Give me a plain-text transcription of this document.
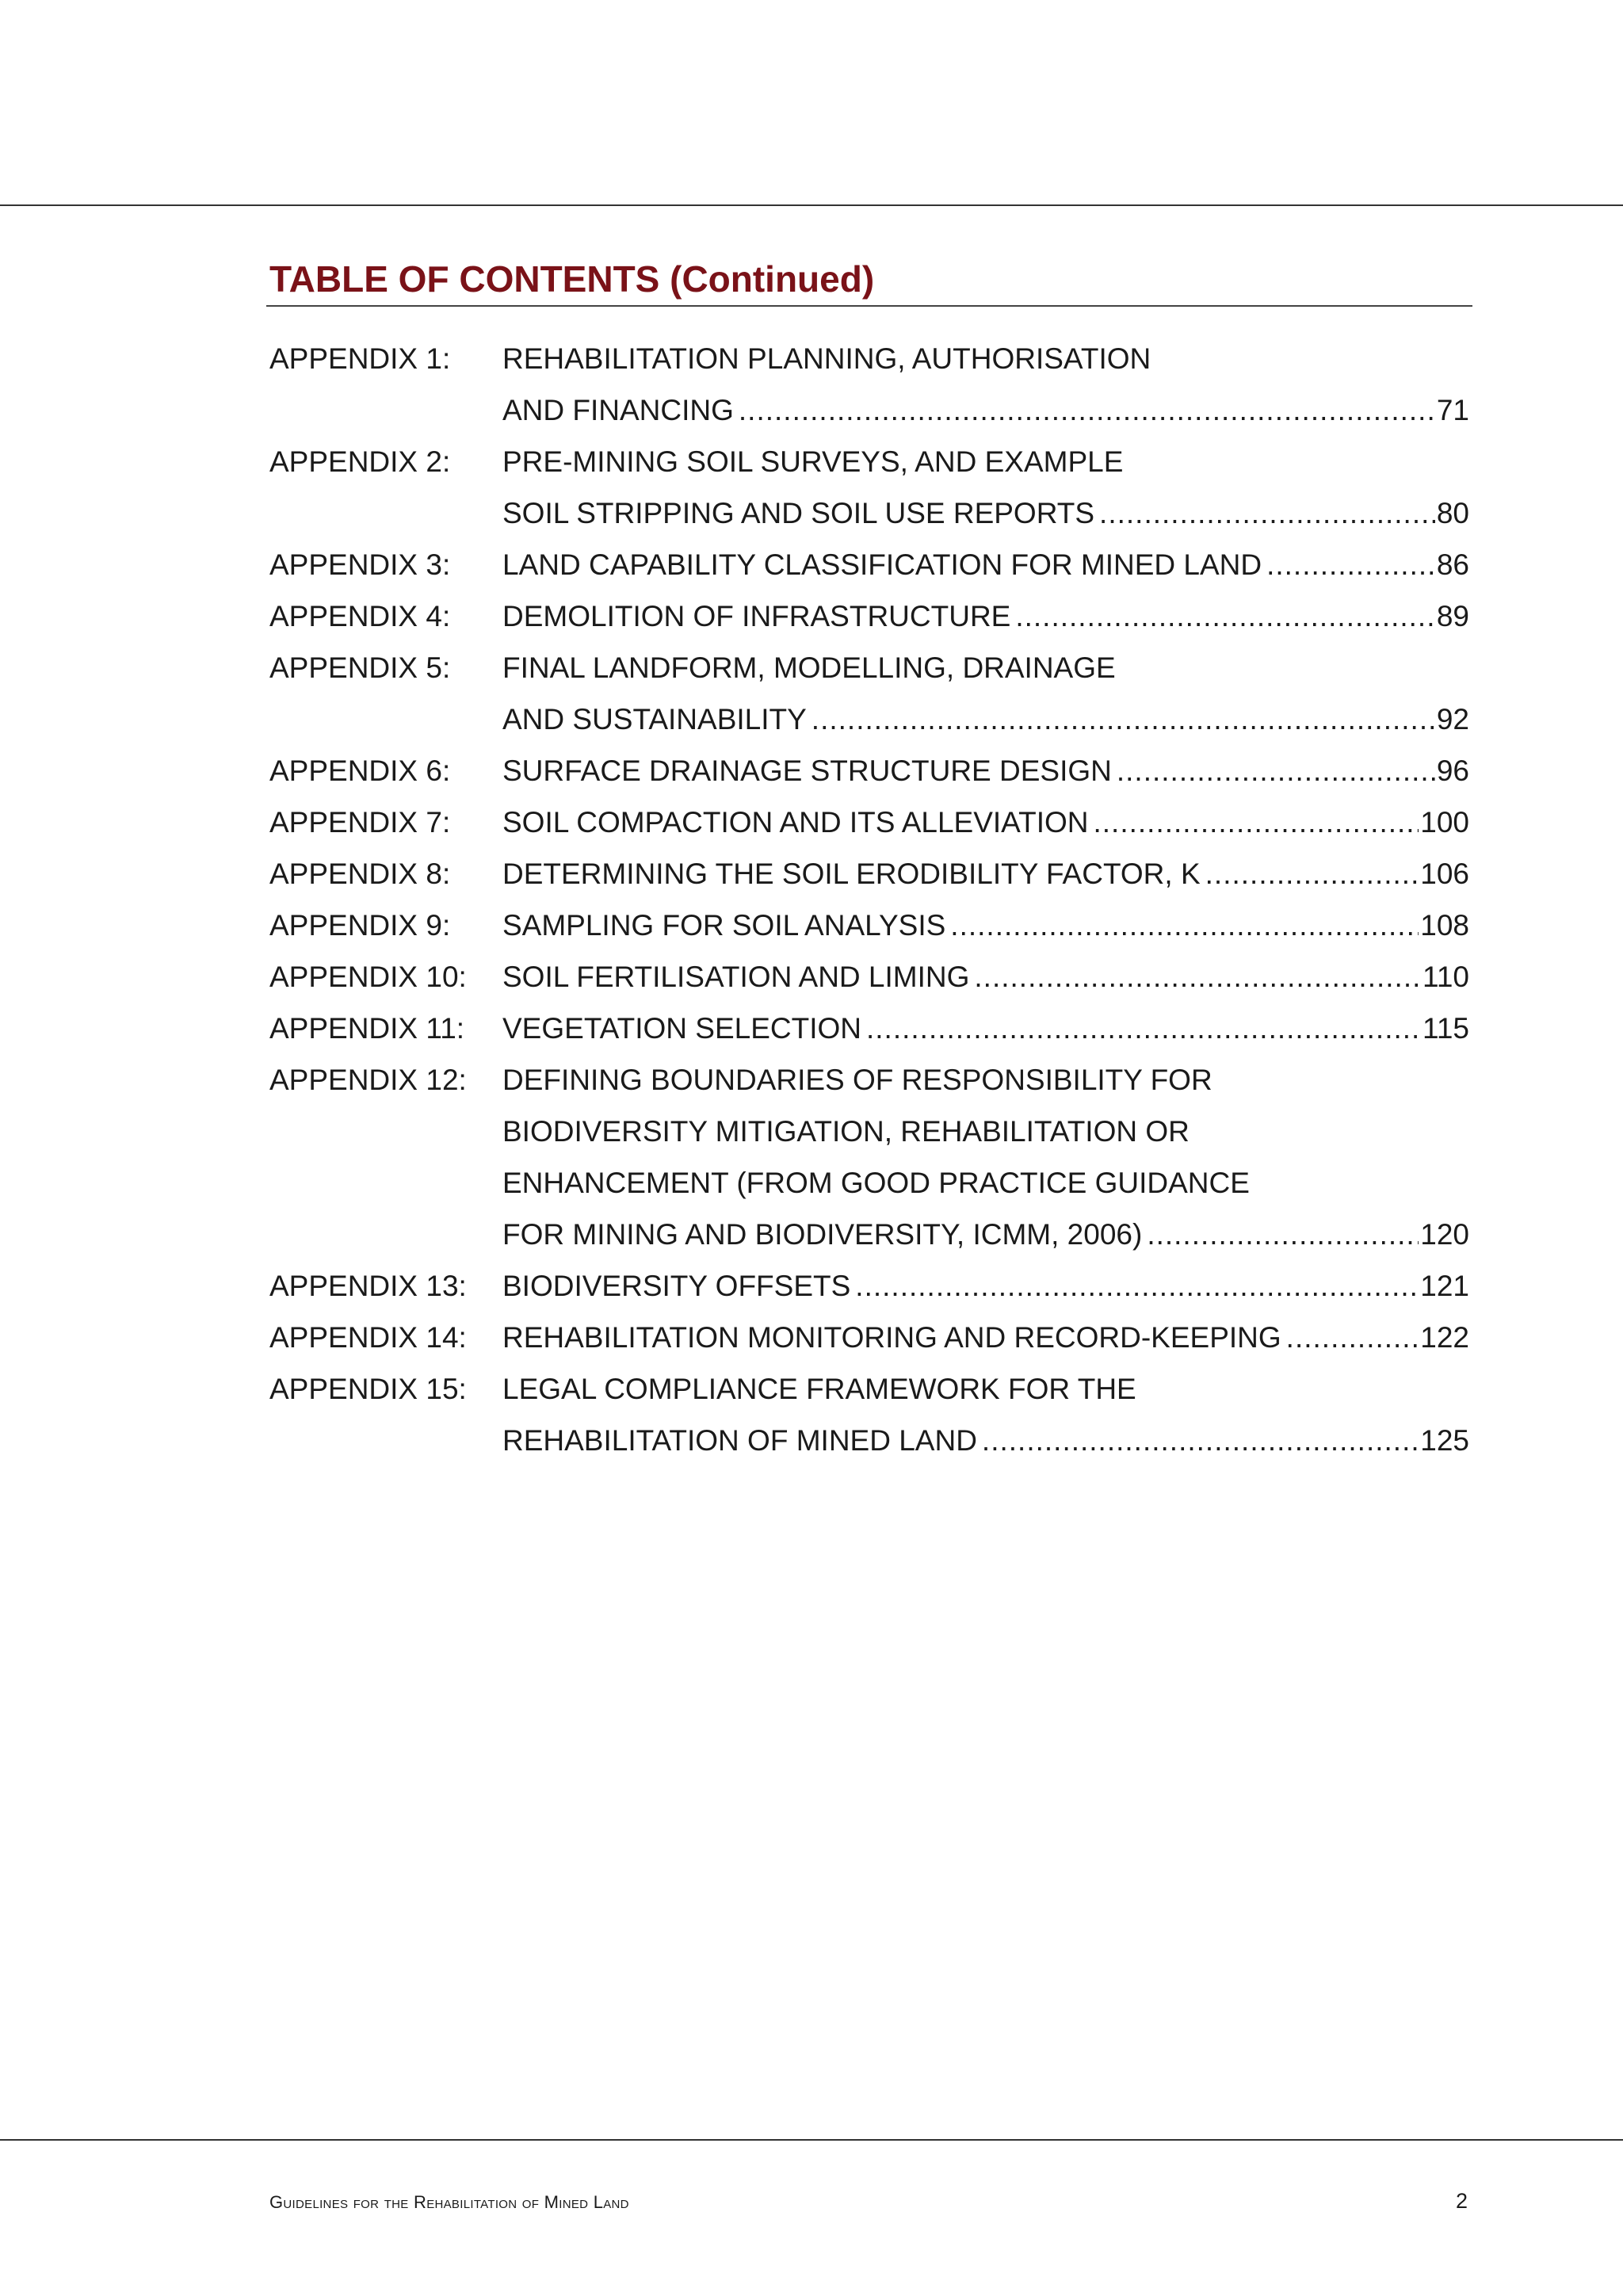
TABLE OF CONTENTS (Continued)
APPENDIX 1:	REHABILITATION PLANNING, AUTHORISATION
AND FINANCING .....	71
APPENDIX 2:	PRE-MINING SOIL SURVEYS, AND EXAMPLE
SOIL STRIPPING AND SOIL USE REPORTS .....	80
APPENDIX 3:	LAND CAPABILITY CLASSIFICATION FOR MINED LAND .....	86
APPENDIX 4:	DEMOLITION OF INFRASTRUCTURE .....	89
APPENDIX 5:	FINAL LANDFORM, MODELLING, DRAINAGE
AND SUSTAINABILITY .....	92
APPENDIX 6:	SURFACE DRAINAGE STRUCTURE DESIGN .....	96
APPENDIX 7:	SOIL COMPACTION AND ITS ALLEVIATION .....	100
APPENDIX 8:	DETERMINING THE SOIL ERODIBILITY FACTOR, K .....	106
APPENDIX 9:	SAMPLING FOR SOIL ANALYSIS .....	108
APPENDIX 10:	SOIL FERTILISATION AND LIMING .....	110
APPENDIX 11:	VEGETATION SELECTION .....	115
APPENDIX 12:	DEFINING BOUNDARIES OF RESPONSIBILITY FOR
BIODIVERSITY MITIGATION, REHABILITATION OR
ENHANCEMENT (FROM GOOD PRACTICE GUIDANCE
FOR MINING AND BIODIVERSITY, ICMM, 2006) .....	120
APPENDIX 13:	BIODIVERSITY OFFSETS .....	121
APPENDIX 14:	REHABILITATION MONITORING AND RECORD-KEEPING .....	122
APPENDIX 15:	LEGAL COMPLIANCE FRAMEWORK FOR THE
REHABILITATION OF MINED LAND .....	125
Guidelines for the Rehabilitation of Mined Land	2
